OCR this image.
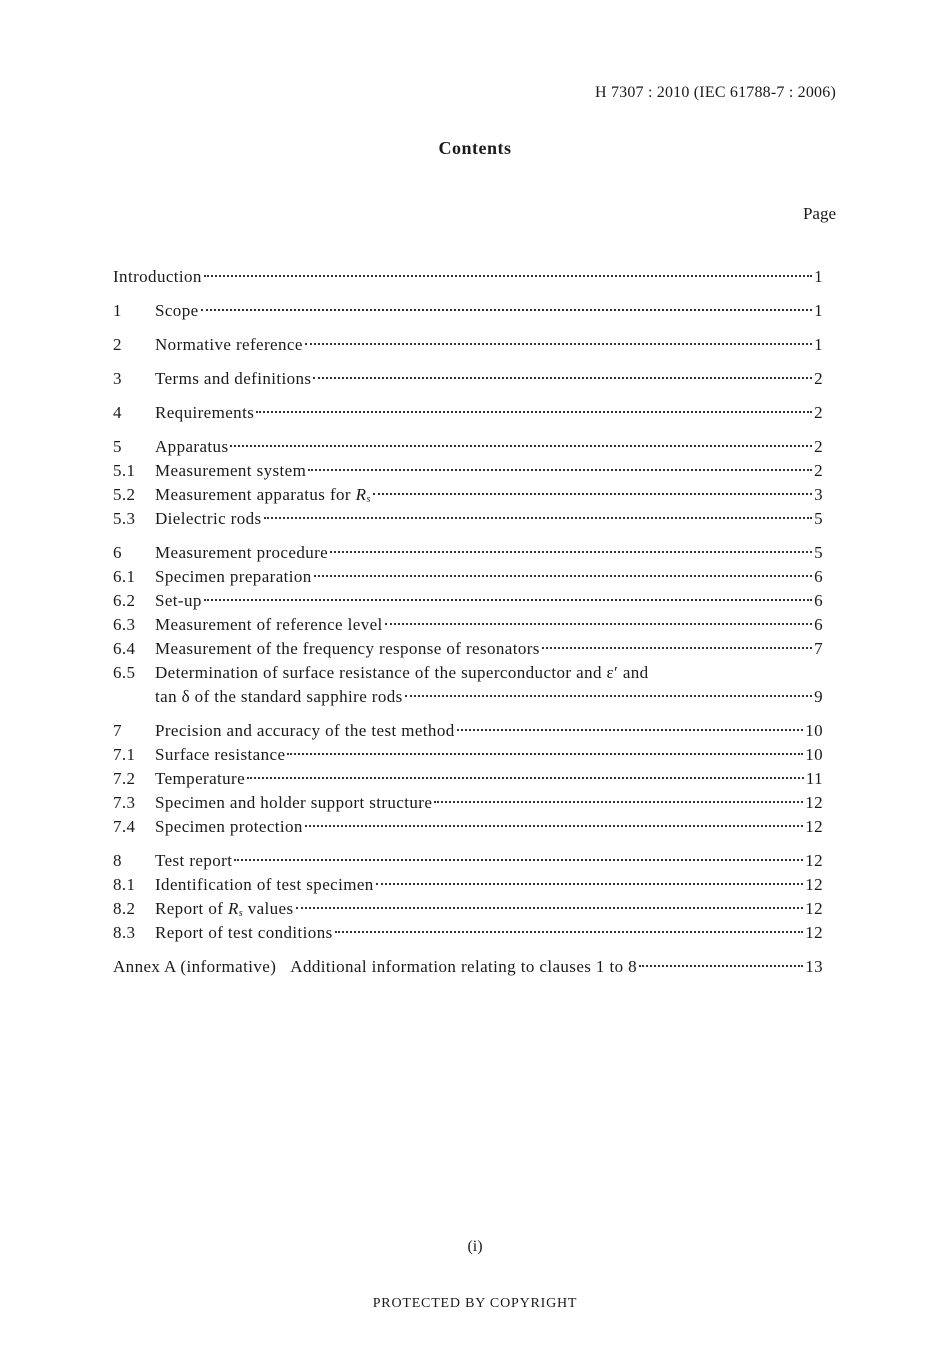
H 7307 : 2010 (IEC 61788-7 : 2006)
Contents
Page
Introduction	1
1 Scope	1
2 Normative reference	1
3 Terms and definitions	2
4 Requirements	2
5 Apparatus	2
5.1 Measurement system	2
5.2 Measurement apparatus for $R_s$	3
5.3 Dielectric rods	5
6 Measurement procedure	5
6.1 Specimen preparation	6
6.2 Set-up	6
6.3 Measurement of reference level	6
6.4 Measurement of the frequency response of resonators	7
6.5 Determination of surface resistance of the superconductor and ε′ and
tan δ of the standard sapphire rods	9
7 Precision and accuracy of the test method	10
7.1 Surface resistance	10
7.2 Temperature	11
7.3 Specimen and holder support structure	12
7.4 Specimen protection	12
8 Test report	12
8.1 Identification of test specimen	12
8.2 Report of $R_s$ values	12
8.3 Report of test conditions	12
Annex A (informative) Additional information relating to clauses 1 to 8	13
(i)
PROTECTED BY COPYRIGHT
